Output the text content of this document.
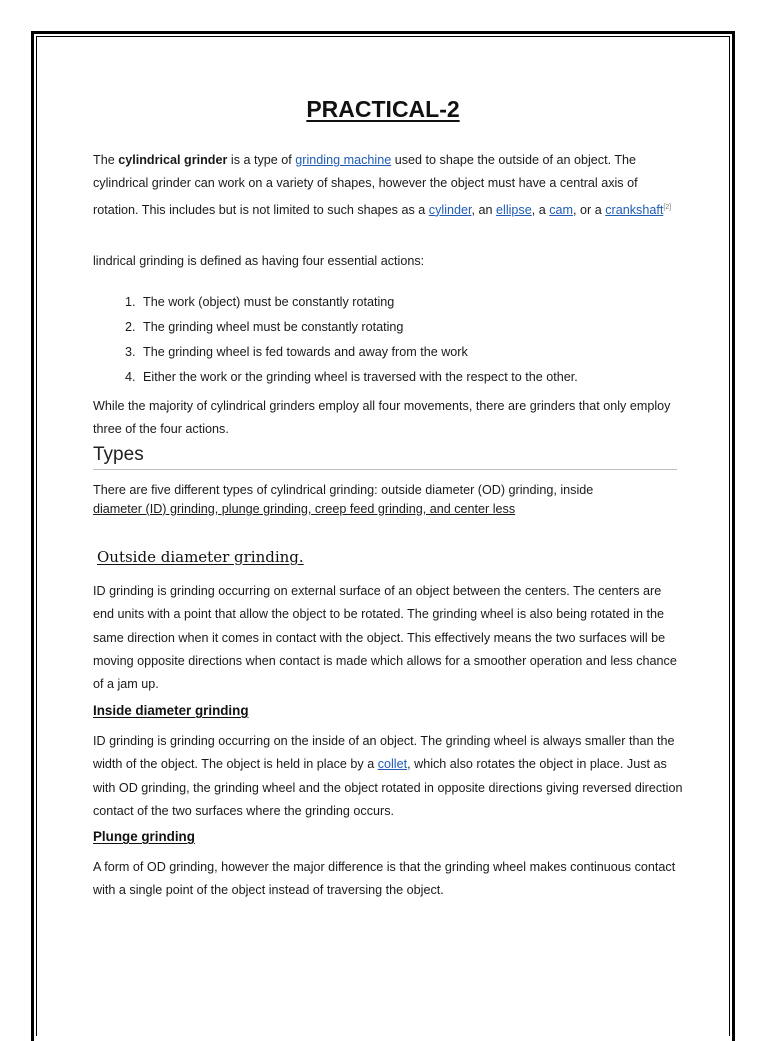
PRACTICAL-2

The cylindrical grinder is a type of grinding machine used to shape the outside of an object. The cylindrical grinder can work on a variety of shapes, however the object must have a central axis of rotation. This includes but is not limited to such shapes as a cylinder, an ellipse, a cam, or a crankshaft[2]

lindrical grinding is defined as having four essential actions:

1. The work (object) must be constantly rotating
2. The grinding wheel must be constantly rotating
3. The grinding wheel is fed towards and away from the work
4. Either the work or the grinding wheel is traversed with the respect to the other.

While the majority of cylindrical grinders employ all four movements, there are grinders that only employ three of the four actions.

Types

There are five different types of cylindrical grinding: outside diameter (OD) grinding, inside
diameter (ID) grinding, plunge grinding, creep feed grinding, and center less

Outside diameter grinding.

ID grinding is grinding occurring on external surface of an object between the centers. The centers are end units with a point that allow the object to be rotated. The grinding wheel is also being rotated in the same direction when it comes in contact with the object. This effectively means the two surfaces will be moving opposite directions when contact is made which allows for a smoother operation and less chance of a jam up.

Inside diameter grinding

ID grinding is grinding occurring on the inside of an object. The grinding wheel is always smaller than the width of the object. The object is held in place by a collet, which also rotates the object in place. Just as with OD grinding, the grinding wheel and the object rotated in opposite directions giving reversed direction contact of the two surfaces where the grinding occurs.

Plunge grinding

A form of OD grinding, however the major difference is that the grinding wheel makes continuous contact with a single point of the object instead of traversing the object.
